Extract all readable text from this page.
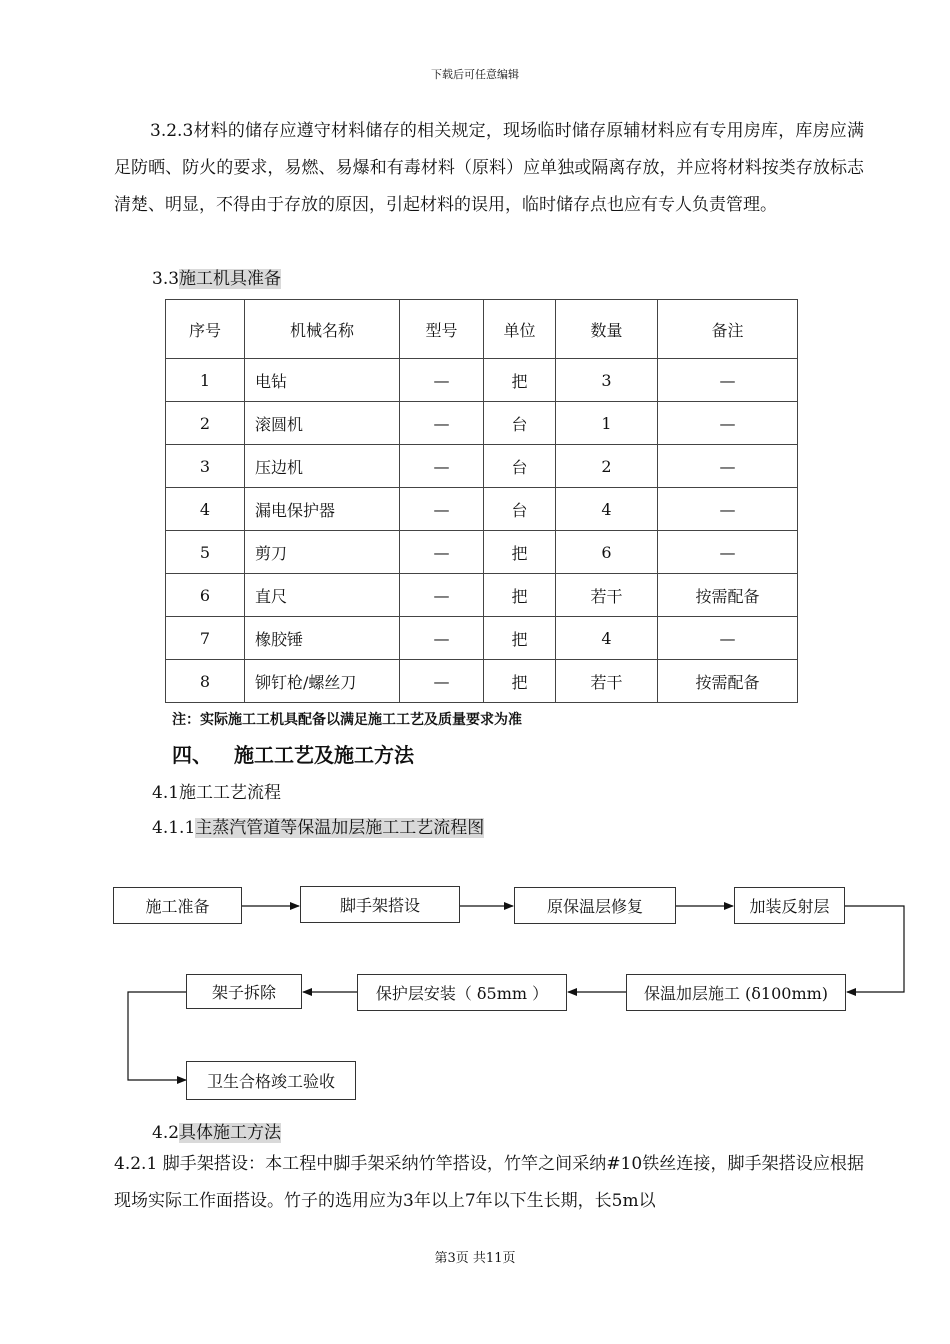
下载后可任意编辑
3.2.3材料的储存应遵守材料储存的相关规定，现场临时储存原辅材料应有专用房库，库房应满足防晒、防火的要求，易燃、易爆和有毒材料（原料）应单独或隔离存放，并应将材料按类存放标志清楚、明显，不得由于存放的原因，引起材料的误用，临时储存点也应有专人负责管理。
3.3施工机具准备
序号	机械名称	型号	单位	数量	备注
1	电钻	—	把	3	—
2	滚圆机	—	台	1	—
3	压边机	—	台	2	—
4	漏电保护器	—	台	4	—
5	剪刀	—	把	6	—
6	直尺	—	把	若干	按需配备
7	橡胶锤	—	把	4	—
8	铆钉枪/螺丝刀	—	把	若干	按需配备
注：实际施工工机具配备以满足施工工艺及质量要求为准
四、 施工工艺及施工方法
4.1施工工艺流程
4.1.1主蒸汽管道等保温加层施工工艺流程图
施工准备	脚手架搭设	原保温层修复	加装反射层
保温加层施工 (δ100mm)
保护层安装（ δ5mm ）
架子拆除
卫生合格竣工验收
4.2具体施工方法
4.2.1 脚手架搭设：本工程中脚手架采纳竹竿搭设，竹竿之间采纳#10铁丝连接，脚手架搭设应根据现场实际工作面搭设。竹子的选用应为3年以上7年以下生长期，长5m以
第3页 共11页
